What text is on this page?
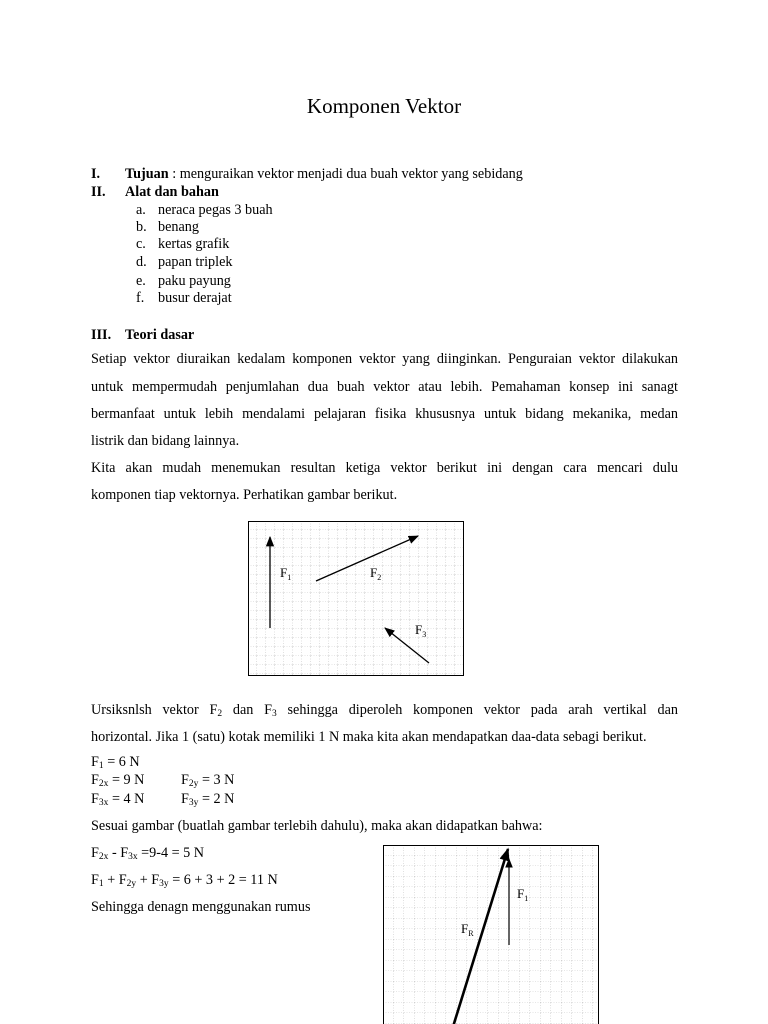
Komponen Vektor
I. Tujuan : menguraikan vektor menjadi dua buah vektor yang sebidang
II. Alat dan bahan
a. neraca pegas 3 buah
b. benang
c. kertas grafik
d. papan triplek
e. paku payung
f. busur derajat
III. Teori dasar
Setiap vektor diuraikan kedalam komponen vektor yang diinginkan. Penguraian vektor dilakukan
untuk mempermudah penjumlahan dua buah vektor atau lebih. Pemahaman konsep ini sanagt
bermanfaat untuk lebih mendalami pelajaran fisika khususnya untuk bidang mekanika, medan
listrik dan bidang lainnya.
Kita akan mudah menemukan resultan ketiga vektor berikut ini dengan cara mencari dulu
komponen tiap vektornya. Perhatikan gambar berikut.
$F_1$	$F_2$
$F_3$
Ursiksnlsh vektor $F_2$ dan $F_3$ sehingga diperoleh komponen vektor pada arah vertikal dan
horizontal. Jika 1 (satu) kotak memiliki 1 N maka kita akan mendapatkan daa-data sebagi berikut.
$F_1 = 6$ N
$F_{2x} = 9$ N	$F_{2y} = 3$ N
$F_{3x} = 4$ N	$F_{3y} = 2$ N
Sesuai gambar (buatlah gambar terlebih dahulu), maka akan didapatkan bahwa:
$F_{2x} - F_{3x} =9-4 = 5$ N
$F_1 + F_{2y} + F_{3y} = 6 + 3 + 2 = 11$ N
Sehingga denagn menggunakan rumus
$F_1$
$F_R$
